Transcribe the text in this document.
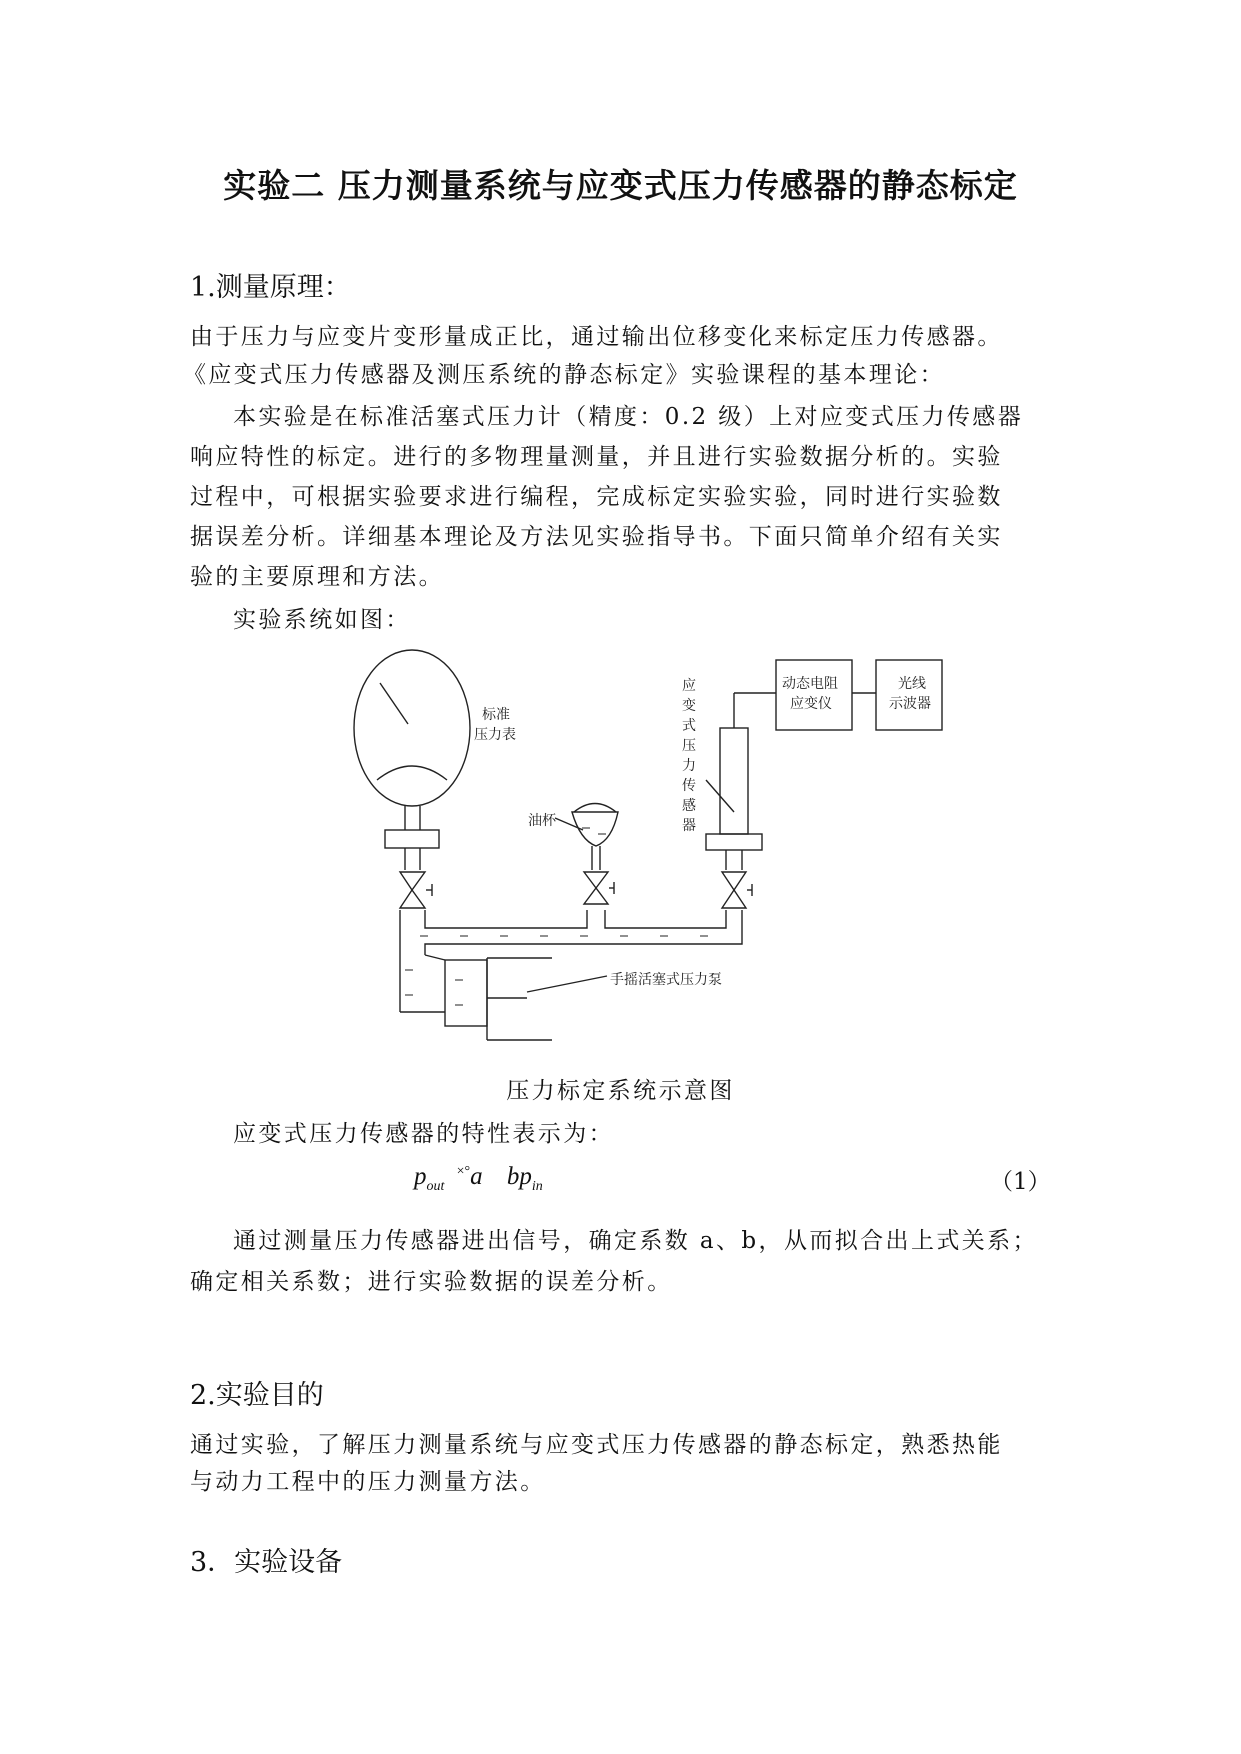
实验二 压力测量系统与应变式压力传感器的静态标定
1.测量原理：
由于压力与应变片变形量成正比，通过输出位移变化来标定压力传感器。
《应变式压力传感器及测压系统的静态标定》实验课程的基本理论：
本实验是在标准活塞式压力计（精度：0.2 级）上对应变式压力传感器
响应特性的标定。进行的多物理量测量，并且进行实验数据分析的。实验
过程中，可根据实验要求进行编程，完成标定实验实验，同时进行实验数
据误差分析。详细基本理论及方法见实验指导书。下面只简单介绍有关实
验的主要原理和方法。
实验系统如图：
标准
压力表
油杯
应
变
式
压
力
传
感
器
动态电阻
应变仪
光线
示波器
手摇活塞式压力泵
压力标定系统示意图
应变式压力传感器的特性表示为：
$p_{out}$ ×°a $bp_{in}$	（1）
通过测量压力传感器进出信号，确定系数 a、b，从而拟合出上式关系；
确定相关系数；进行实验数据的误差分析。
2.实验目的
通过实验，了解压力测量系统与应变式压力传感器的静态标定，熟悉热能
与动力工程中的压力测量方法。
3．实验设备
